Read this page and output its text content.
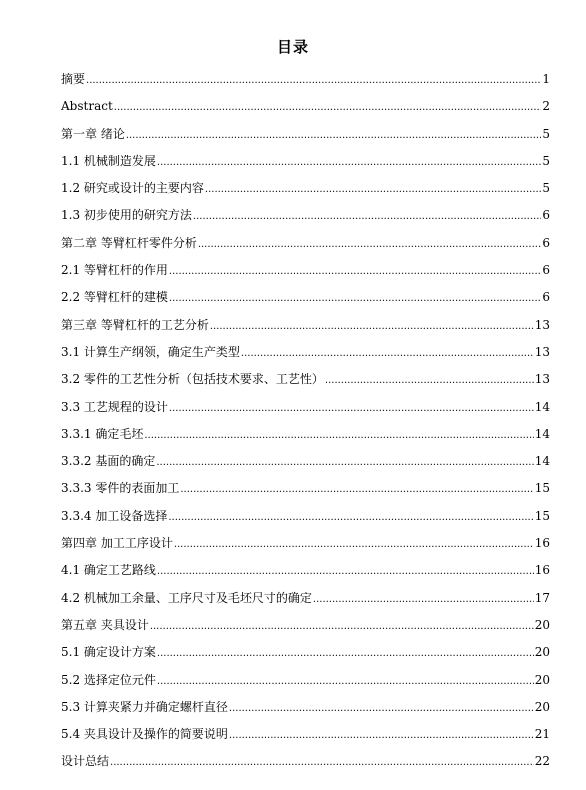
目录
摘要 .....	1
Abstract .....	2
第一章 绪论 .....	5
1.1 机械制造发展 .....	5
1.2 研究或设计的主要内容 .....	5
1.3 初步使用的研究方法 .....	6
第二章 等臂杠杆零件分析 .....	6
2.1 等臂杠杆的作用 .....	6
2.2 等臂杠杆的建模 .....	6
第三章 等臂杠杆的工艺分析 .....	13
3.1 计算生产纲领，确定生产类型 .....	13
3.2 零件的工艺性分析（包括技术要求、工艺性） .....	13
3.3 工艺规程的设计 .....	14
3.3.1 确定毛坯 .....	14
3.3.2 基面的确定 .....	14
3.3.3 零件的表面加工 .....	15
3.3.4 加工设备选择 .....	15
第四章 加工工序设计 .....	16
4.1 确定工艺路线 .....	16
4.2 机械加工余量、工序尺寸及毛坯尺寸的确定 .....	17
第五章 夹具设计 .....	20
5.1 确定设计方案 .....	20
5.2 选择定位元件 .....	20
5.3 计算夹紧力并确定螺杆直径 .....	20
5.4 夹具设计及操作的简要说明 .....	21
设计总结 .....	22
